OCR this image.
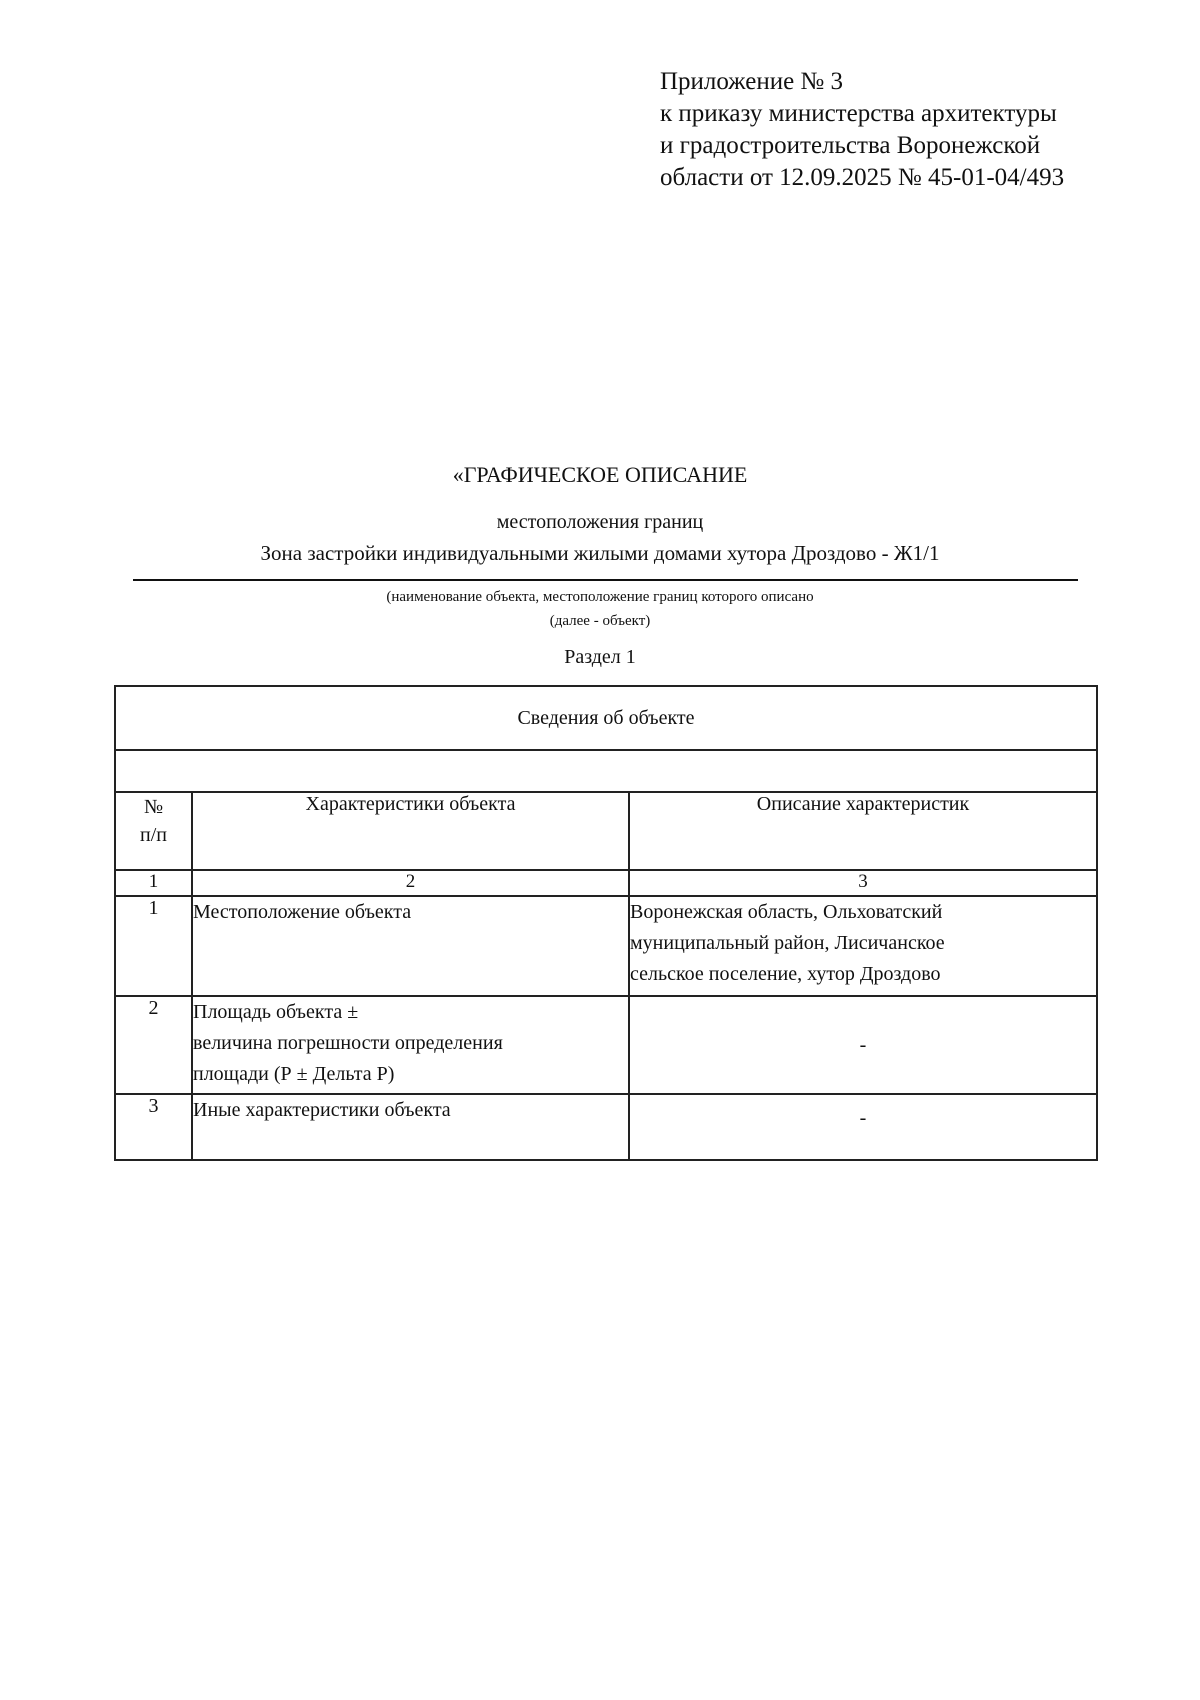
Приложение № 3
к приказу министерства архитектуры
и градостроительства Воронежской
области от 12.09.2025 № 45-01-04/493
«ГРАФИЧЕСКОЕ ОПИСАНИЕ
местоположения границ
Зона застройки индивидуальными жилыми домами хутора Дроздово - Ж1/1
(наименование объекта, местоположение границ которого описано
(далее - объект)
Раздел 1
Сведения об объекте		

№
п/п	Характеристики объекта	Описание характеристик
1	2	3
1	Местоположение объекта	Воронежская область, Ольховатский
муниципальный район, Лисичанское
сельское поселение, хутор Дроздово

2	Площадь объекта ±
величина погрешности определения
площади (Р ± Дельта Р)	-
3	Иные характеристики объекта	-
